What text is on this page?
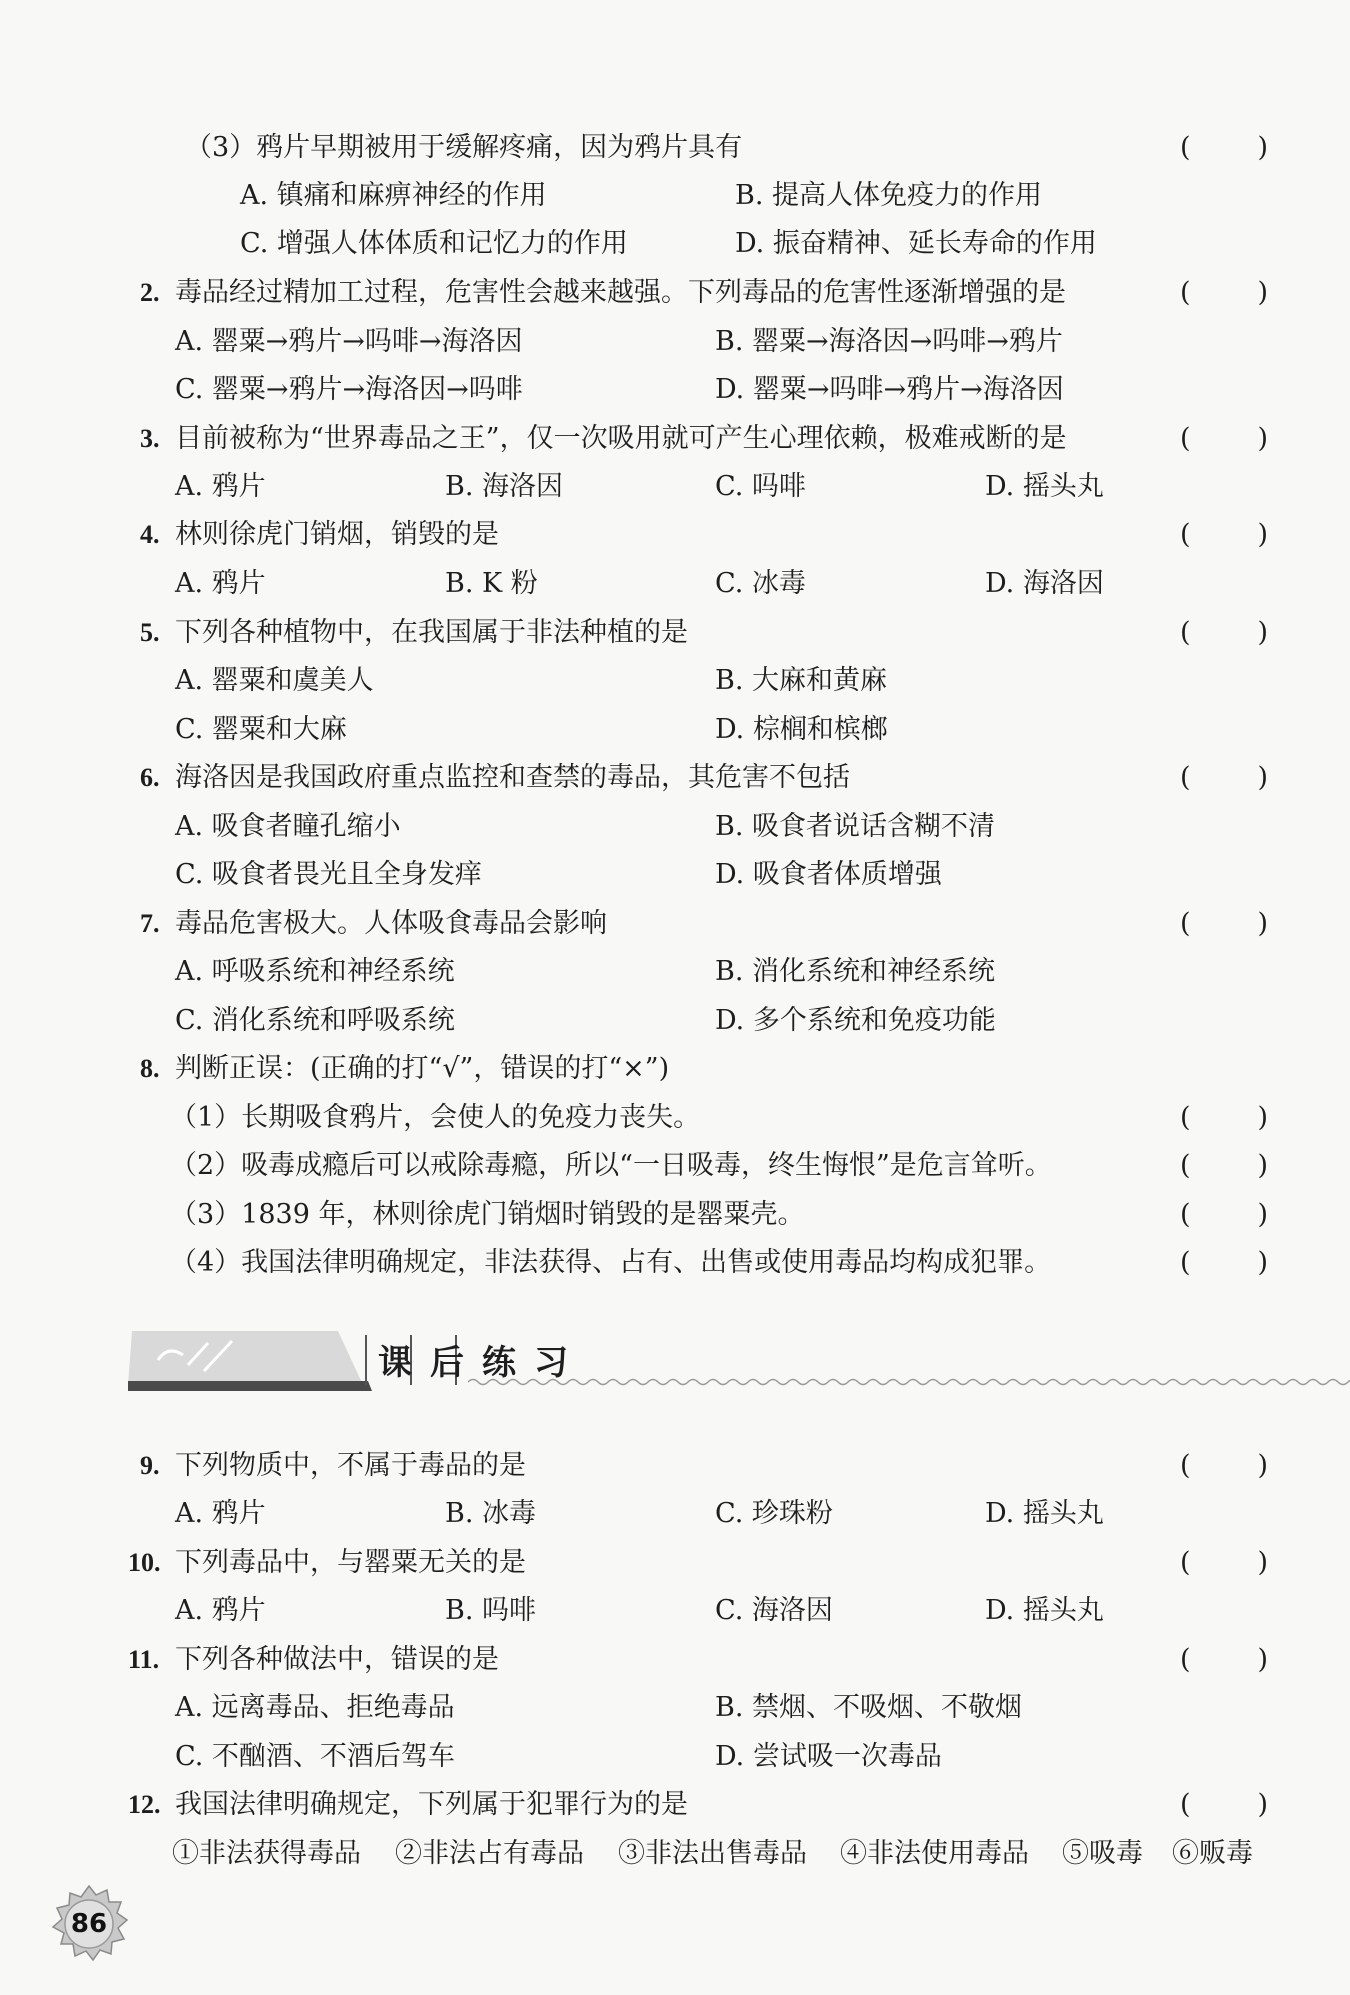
（3）鸦片早期被用于缓解疼痛，因为鸦片具有	( )
A. 镇痛和麻痹神经的作用	B. 提高人体免疫力的作用
C. 增强人体体质和记忆力的作用	D. 振奋精神、延长寿命的作用
2. 毒品经过精加工过程，危害性会越来越强。下列毒品的危害性逐渐增强的是	( )
A. 罂粟→鸦片→吗啡→海洛因	B. 罂粟→海洛因→吗啡→鸦片
C. 罂粟→鸦片→海洛因→吗啡	D. 罂粟→吗啡→鸦片→海洛因
3. 目前被称为“世界毒品之王”，仅一次吸用就可产生心理依赖，极难戒断的是	( )
A. 鸦片	B. 海洛因	C. 吗啡	D. 摇头丸
4. 林则徐虎门销烟，销毁的是	( )
A. 鸦片	B. K 粉	C. 冰毒	D. 海洛因
5. 下列各种植物中，在我国属于非法种植的是	( )
A. 罂粟和虞美人	B. 大麻和黄麻
C. 罂粟和大麻	D. 棕榈和槟榔
6. 海洛因是我国政府重点监控和查禁的毒品，其危害不包括	( )
A. 吸食者瞳孔缩小	B. 吸食者说话含糊不清
C. 吸食者畏光且全身发痒	D. 吸食者体质增强
7. 毒品危害极大。人体吸食毒品会影响	( )
A. 呼吸系统和神经系统	B. 消化系统和神经系统
C. 消化系统和呼吸系统	D. 多个系统和免疫功能
8. 判断正误：(正确的打“√”，错误的打“×”)
（1）长期吸食鸦片，会使人的免疫力丧失。	( )
（2）吸毒成瘾后可以戒除毒瘾，所以“一日吸毒，终生悔恨”是危言耸听。	( )
（3）1839 年，林则徐虎门销烟时销毁的是罂粟壳。	( )
（4）我国法律明确规定，非法获得、占有、出售或使用毒品均构成犯罪。	( )
课后练习
9. 下列物质中，不属于毒品的是	( )
A. 鸦片	B. 冰毒	C. 珍珠粉	D. 摇头丸
10. 下列毒品中，与罂粟无关的是	( )
A. 鸦片	B. 吗啡	C. 海洛因	D. 摇头丸
11. 下列各种做法中，错误的是	( )
A. 远离毒品、拒绝毒品	B. 禁烟、不吸烟、不敬烟
C. 不酗酒、不酒后驾车	D. 尝试吸一次毒品
12. 我国法律明确规定，下列属于犯罪行为的是	( )
①非法获得毒品 ②非法占有毒品 ③非法出售毒品 ④非法使用毒品 ⑤吸毒 ⑥贩毒
86
